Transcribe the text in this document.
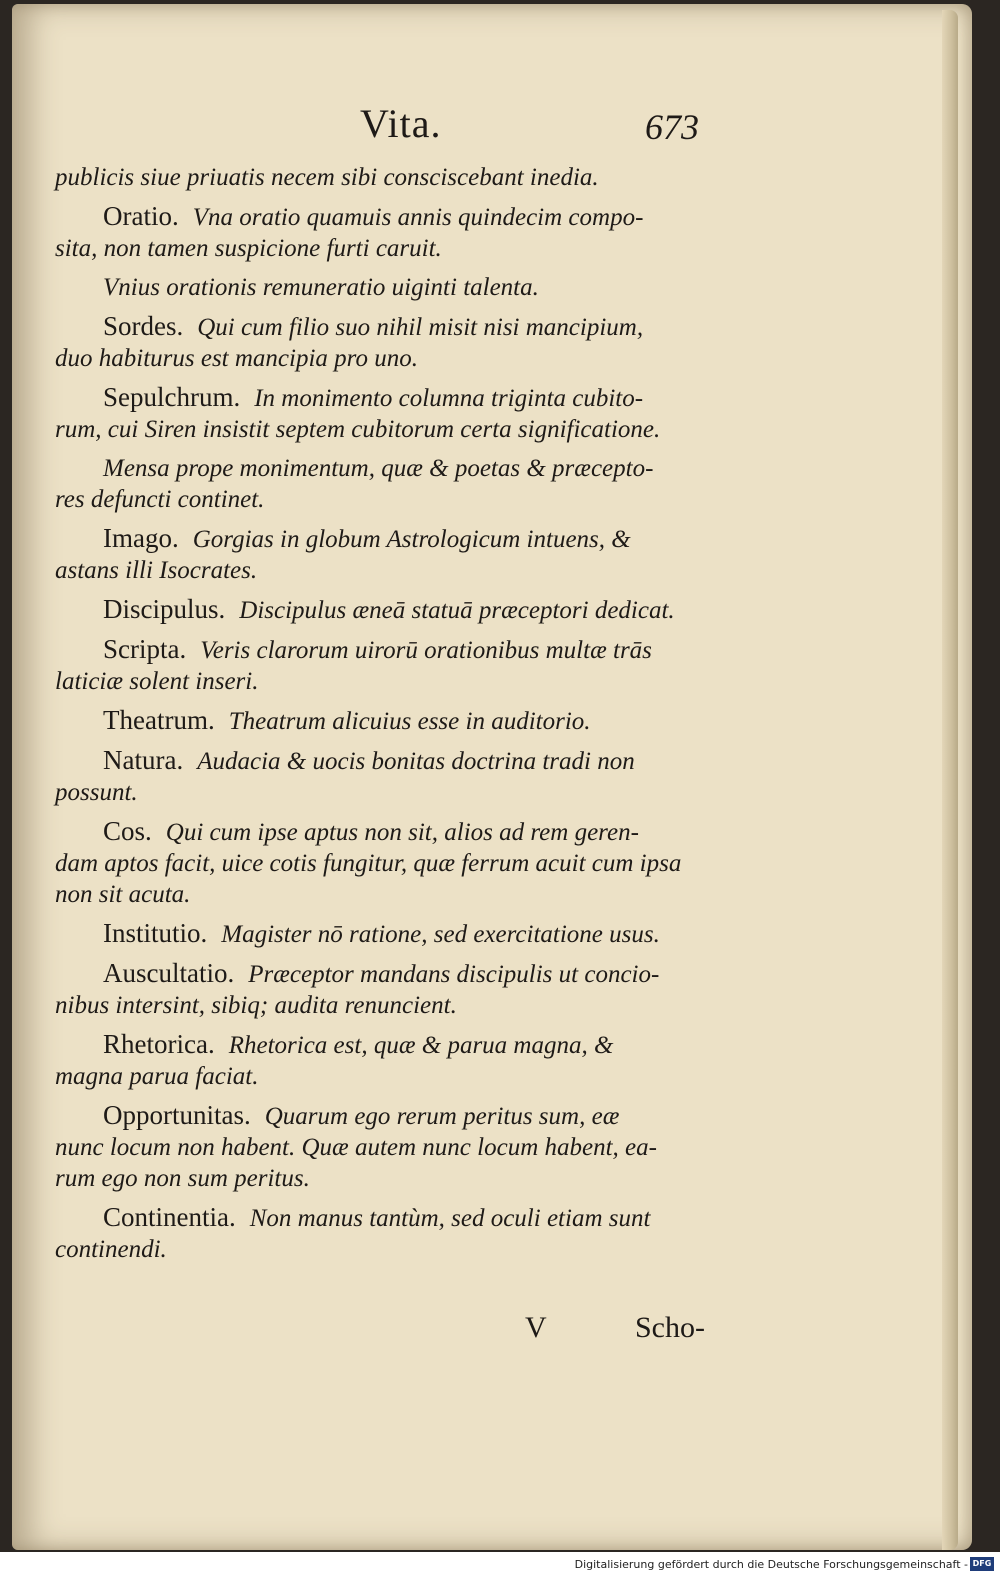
Vita.	673
publicis siue priuatis necem sibi consciscebant inedia.
Oratio. Vna oratio quamuis annis quindecim compo-
sita, non tamen suspicione furti caruit.
Vnius orationis remuneratio uiginti talenta.
Sordes. Qui cum filio suo nihil misit nisi mancipium,
duo habiturus est mancipia pro uno.
Sepulchrum. In monimento columna triginta cubito-
rum, cui Siren insistit septem cubitorum certa significatione.
Mensa prope monimentum, quæ & poetas & præcepto-
res defuncti continet.
Imago. Gorgias in globum Astrologicum intuens, &
astans illi Isocrates.
Discipulus. Discipulus æneā statuā præceptori dedicat.
Scripta. Veris clarorum uirorū orationibus multæ trās
laticiæ solent inseri.
Theatrum. Theatrum alicuius esse in auditorio.
Natura. Audacia & uocis bonitas doctrina tradi non
possunt.
Cos. Qui cum ipse aptus non sit, alios ad rem geren-
dam aptos facit, uice cotis fungitur, quæ ferrum acuit cum ipsa
non sit acuta.
Institutio. Magister nō ratione, sed exercitatione usus.
Auscultatio. Præceptor mandans discipulis ut concio-
nibus intersint, sibiq; audita renuncient.
Rhetorica. Rhetorica est, quæ & parua magna, &
magna parua faciat.
Opportunitas. Quarum ego rerum peritus sum, eæ
nunc locum non habent. Quæ autem nunc locum habent, ea-
rum ego non sum peritus.
Continentia. Non manus tantùm, sed oculi etiam sunt
continendi.
V	Scho-
Digitalisierung gefördert durch die Deutsche Forschungsgemeinschaft - DFG
